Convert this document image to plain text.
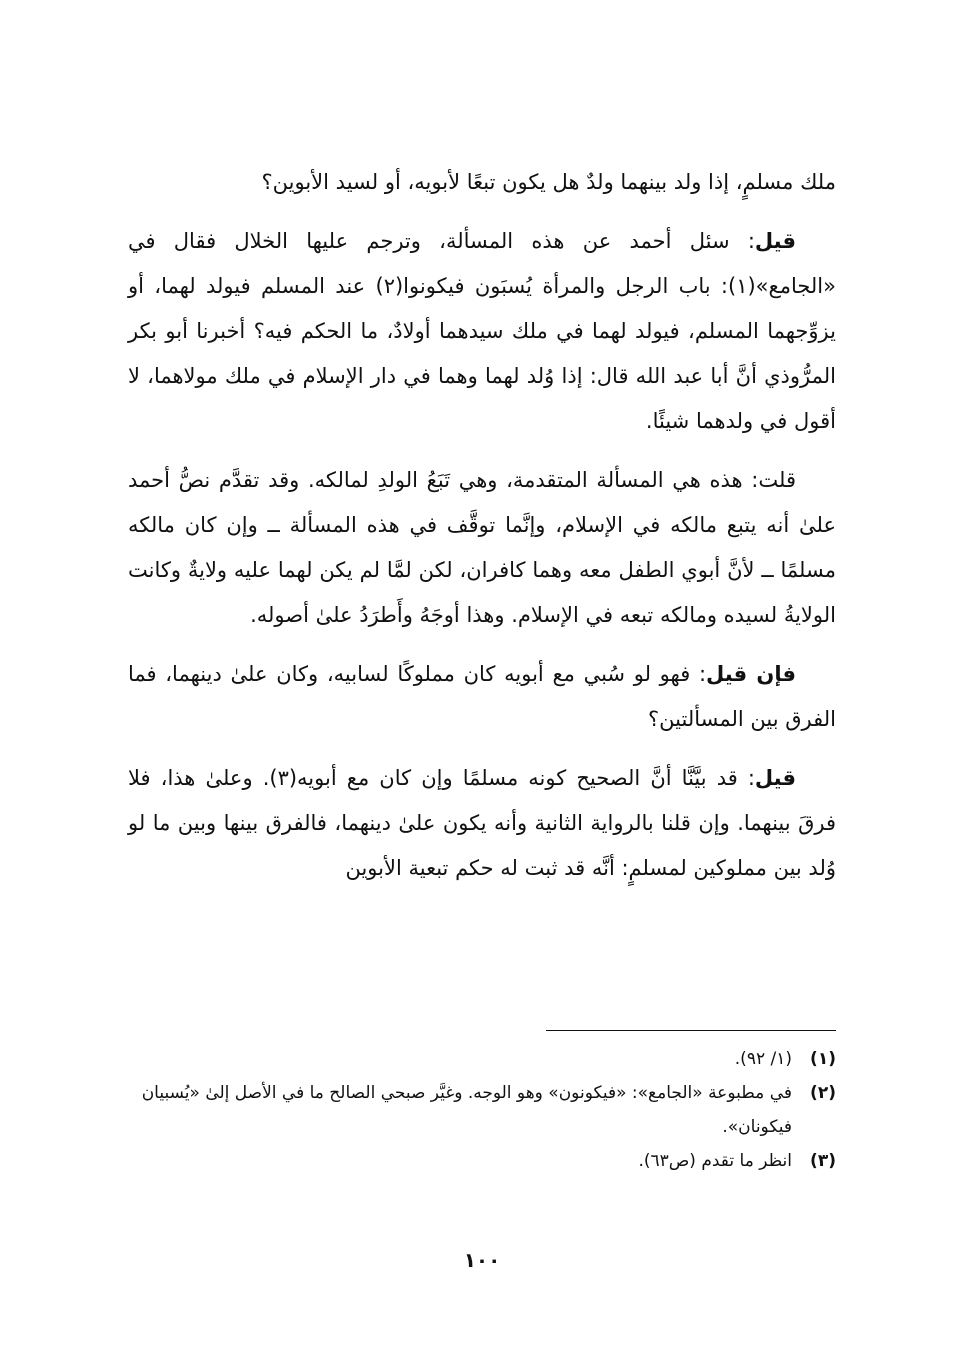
ملك مسلمٍ، إذا ولد بينهما ولدٌ هل يكون تبعًا لأبويه، أو لسيد الأبوين؟

قيل: سئل أحمد عن هذه المسألة، وترجم عليها الخلال فقال في «الجامع»(١): باب الرجل والمرأة يُسبَون فيكونوا(٢) عند المسلم فيولد لهما، أو يزوِّجهما المسلم، فيولد لهما في ملك سيدهما أولادٌ، ما الحكم فيه؟ أخبرنا أبو بكر المرُّوذي أنَّ أبا عبد الله قال: إذا وُلد لهما وهما في دار الإسلام في ملك مولاهما، لا أقول في ولدهما شيئًا.

قلت: هذه هي المسألة المتقدمة، وهي تَبَعُ الولدِ لمالكه. وقد تقدَّم نصُّ أحمد علىٰ أنه يتبع مالكه في الإسلام، وإنَّما توقَّف في هذه المسألة ــ وإن كان مالكه مسلمًا ــ لأنَّ أبوي الطفل معه وهما كافران، لكن لمَّا لم يكن لهما عليه ولايةٌ وكانت الولايةُ لسيده ومالكه تبعه في الإسلام. وهذا أوجَهُ وأَطرَدُ علىٰ أصوله.

فإن قيل: فهو لو سُبي مع أبويه كان مملوكًا لسابيه، وكان علىٰ دينهما، فما الفرق بين المسألتين؟

قيل: قد بيَّنَّا أنَّ الصحيح كونه مسلمًا وإن كان مع أبويه(٣). وعلىٰ هذا، فلا فرقَ بينهما. وإن قلنا بالرواية الثانية وأنه يكون علىٰ دينهما، فالفرق بينها وبين ما لو وُلد بين مملوكين لمسلمٍ: أنَّه قد ثبت له حكم تبعية الأبوين

(١)
(١/ ٩٢).

(٢)
في مطبوعة «الجامع»: «فيكونون» وهو الوجه. وغيَّر صبحي الصالح ما في الأصل إلىٰ «يُسبيان فيكونان».

(٣)
انظر ما تقدم (ص٦٣).

١٠٠
